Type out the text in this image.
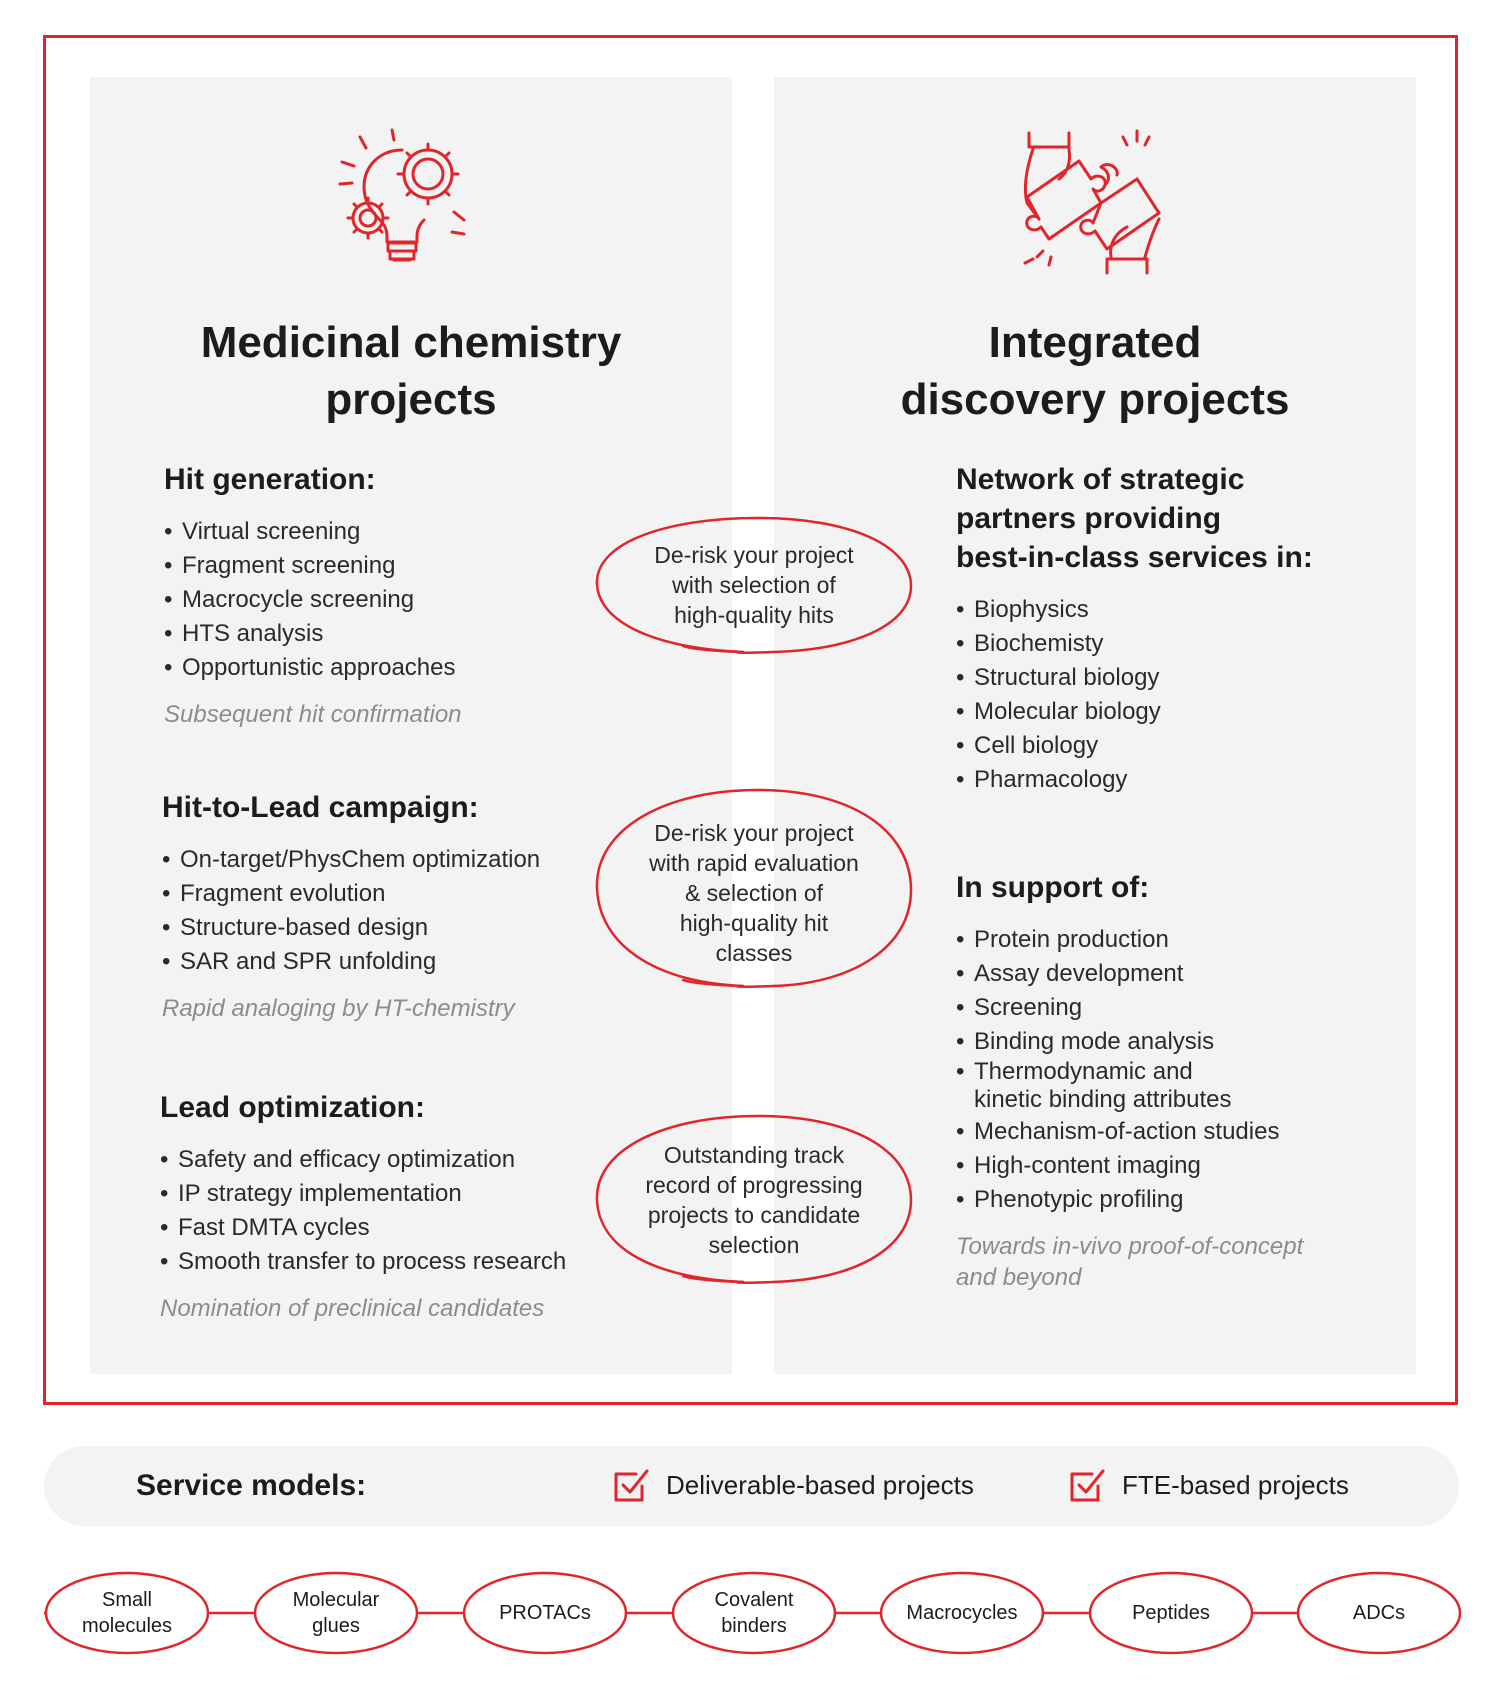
Medicinal chemistry
projects
Hit generation:
• Virtual screening
• Fragment screening
• Macrocycle screening
• HTS analysis
• Opportunistic approaches
Subsequent hit confirmation
Hit-to-Lead campaign:
• On-target/PhysChem optimization
• Fragment evolution
• Structure-based design
• SAR and SPR unfolding
Rapid analoging by HT-chemistry
Lead optimization:
• Safety and efficacy optimization
• IP strategy implementation
• Fast DMTA cycles
• Smooth transfer to process research
Nomination of preclinical candidates
Integrated
discovery projects
Network of strategic
partners providing
best-in-class services in:
• Biophysics
• Biochemisty
• Structural biology
• Molecular biology
• Cell biology
• Pharmacology
In support of:
• Protein production
• Assay development
• Screening
• Binding mode analysis
• Thermodynamic and
kinetic binding attributes
• Mechanism-of-action studies
• High-content imaging
• Phenotypic profiling
Towards in-vivo proof-of-concept
and beyond
De-risk your project
with selection of
high-quality hits
De-risk your project
with rapid evaluation
& selection of
high-quality hit
classes
Outstanding track
record of progressing
projects to candidate
selection
Service models:	Deliverable-based projects	FTE-based projects
Small
molecules
Molecular
glues
PROTACs
Covalent
binders
Macrocycles	Peptides	ADCs
